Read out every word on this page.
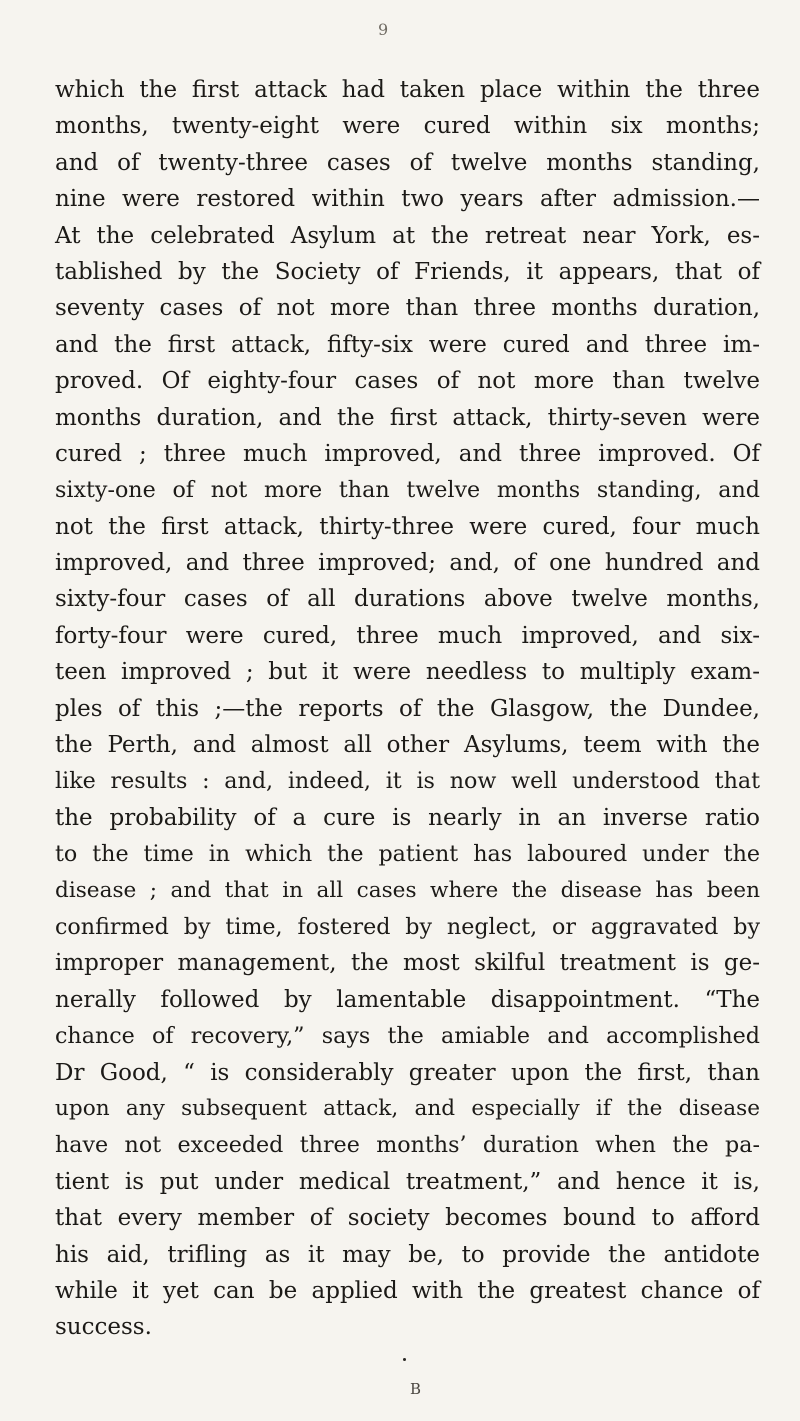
9
which the first attack had taken place within the three
months, twenty-eight were cured within six months;
and of twenty-three cases of twelve months standing,
nine were restored within two years after admission.—
At the celebrated Asylum at the retreat near York, es-
tablished by the Society of Friends, it appears, that of
seventy cases of not more than three months duration,
and the first attack, fifty-six were cured and three im-
proved. Of eighty-four cases of not more than twelve
months duration, and the first attack, thirty-seven were
cured ; three much improved, and three improved. Of
sixty-one of not more than twelve months standing, and
not the first attack, thirty-three were cured, four much
improved, and three improved; and, of one hundred and
sixty-four cases of all durations above twelve months,
forty-four were cured, three much improved, and six-
teen improved ; but it were needless to multiply exam-
ples of this ;—the reports of the Glasgow, the Dundee,
the Perth, and almost all other Asylums, teem with the
like results : and, indeed, it is now well understood that
the probability of a cure is nearly in an inverse ratio
to the time in which the patient has laboured under the
disease ; and that in all cases where the disease has been
confirmed by time, fostered by neglect, or aggravated by
improper management, the most skilful treatment is ge-
nerally followed by lamentable disappointment. “The
chance of recovery,” says the amiable and accomplished
Dr Good, “ is considerably greater upon the first, than
upon any subsequent attack, and especially if the disease
have not exceeded three months’ duration when the pa-
tient is put under medical treatment,” and hence it is,
that every member of society becomes bound to afford
his aid, trifling as it may be, to provide the antidote
while it yet can be applied with the greatest chance of
success.
B
